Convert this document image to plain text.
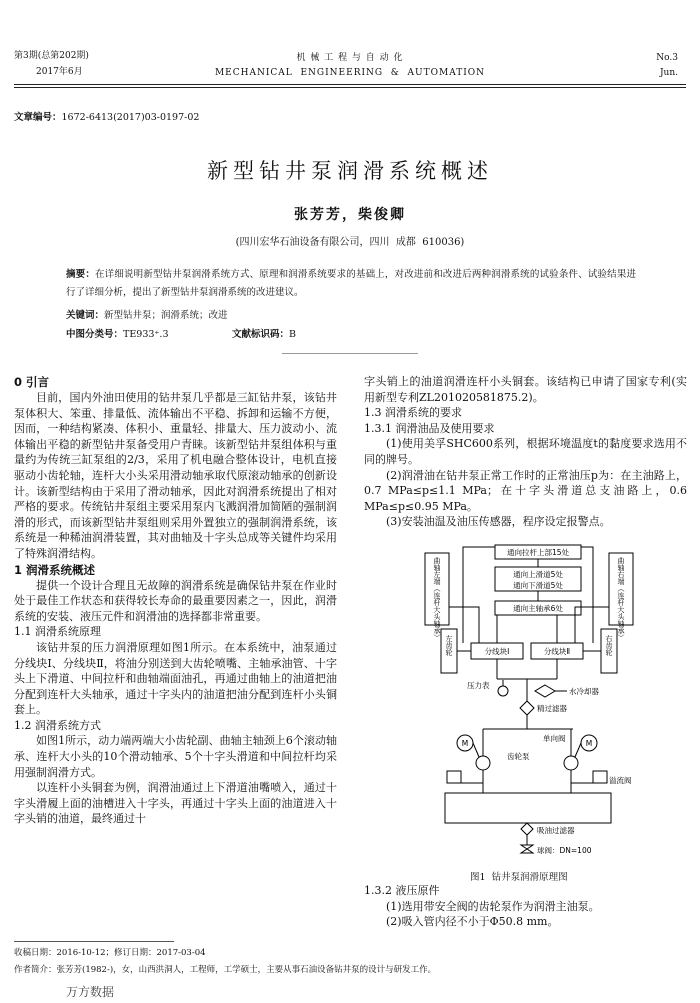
第3期(总第202期)
2017年6月
机 械 工 程 与 自 动 化
MECHANICAL  ENGINEERING  &  AUTOMATION
No.3
Jun.
文章编号：1672-6413(2017)03-0197-02
新型钻井泵润滑系统概述
张芳芳，柴俊卿
(四川宏华石油设备有限公司，四川  成都  610036)
摘要：在详细说明新型钻井泵润滑系统方式、原理和润滑系统要求的基础上，对改进前和改进后两种润滑系统的试验条件、试验结果进行了详细分析，提出了新型钻井泵润滑系统的改进建议。
关键词：新型钻井泵；润滑系统；改进
中图分类号：TE933⁺.3	文献标识码：B

0 引言

目前，国内外油田使用的钻井泵几乎都是三缸钻井泵，该钻井泵体积大、笨重、排量低、流体输出不平稳、拆卸和运输不方便，因而，一种结构紧凑、体积小、重量轻、排量大、压力波动小、流体输出平稳的新型钻井泵备受用户青睐。该新型钻井泵组体积与重量约为传统三缸泵组的2/3，采用了机电融合整体设计，电机直接驱动小齿轮轴，连杆大小头采用滑动轴承取代原滚动轴承的创新设计。该新型结构由于采用了滑动轴承，因此对润滑系统提出了相对严格的要求。传统钻井泵组主要采用泵内飞溅润滑加简陋的强制润滑的形式，而该新型钻井泵组则采用外置独立的强制润滑系统，该系统是一种稀油润滑装置，其对曲轴及十字头总成等关键件均采用了特殊润滑结构。

1 润滑系统概述

提供一个设计合理且无故障的润滑系统是确保钻井泵在作业时处于最佳工作状态和获得较长寿命的最重要因素之一，因此，润滑系统的安装、液压元件和润滑油的选择都非常重要。

1.1 润滑系统原理

该钻井泵的压力润滑原理如图1所示。在本系统中，油泵通过分线块Ⅰ、分线块Ⅱ，将油分别送到大齿轮喷嘴、主轴承油管、十字头上下滑道、中间拉杆和曲轴端面油孔，再通过曲轴上的油道把油分配到连杆大头轴承，通过十字头内的油道把油分配到连杆小头铜套上。

1.2 润滑系统方式

如图1所示，动力端两端大小齿轮副、曲轴主轴颈上6个滚动轴承、连杆大小头的10个滑动轴承、5个十字头滑道和中间拉杆均采用强制润滑方式。

以连杆小头铜套为例，润滑油通过上下滑道油嘴喷入，通过十字头滑履上面的油槽进入十字头，再通过十字头上面的油道进入十字头销的油道，最终通过十

字头销上的油道润滑连杆小头铜套。该结构已申请了国家专利(实用新型专利ZL201020581875.2)。

1.3 润滑系统的要求

1.3.1 润滑油品及使用要求

(1)使用美孚SHC600系列，根据环境温度t的黏度要求选用不同的牌号。

(2)润滑油在钻井泵正常工作时的正常油压p为：在主油路上，0.7 MPa≤p≤1.1 MPa；在十字头滑道总支油路上，0.6 MPa≤p≤0.95 MPa。

(3)安装油温及油压传感器，程序设定报警点。

通向拉杆上部15处
通向上滑道5处
通向下滑道5处
通向主轴承6处
分线块Ⅰ	分线块Ⅱ
压力表
水冷却器
精过滤器
单向阀
齿轮泵
溢流阀
吸油过滤器
球阀：DN=100
M	M
曲轴左端（连杆大头轴承）	曲轴右端（连杆大头轴承）
左齿轮	右齿轮
图1  钻井泵润滑原理图

1.3.2 液压原件

(1)选用带安全阀的齿轮泵作为润滑主油泵。

(2)吸入管内径不小于Φ50.8 mm。

收稿日期：2016-10-12；修订日期：2017-03-04
作者简介：张芳芳(1982-)，女，山西洪洞人，工程师，工学硕士，主要从事石油设备钻井泵的设计与研发工作。
万方数据
